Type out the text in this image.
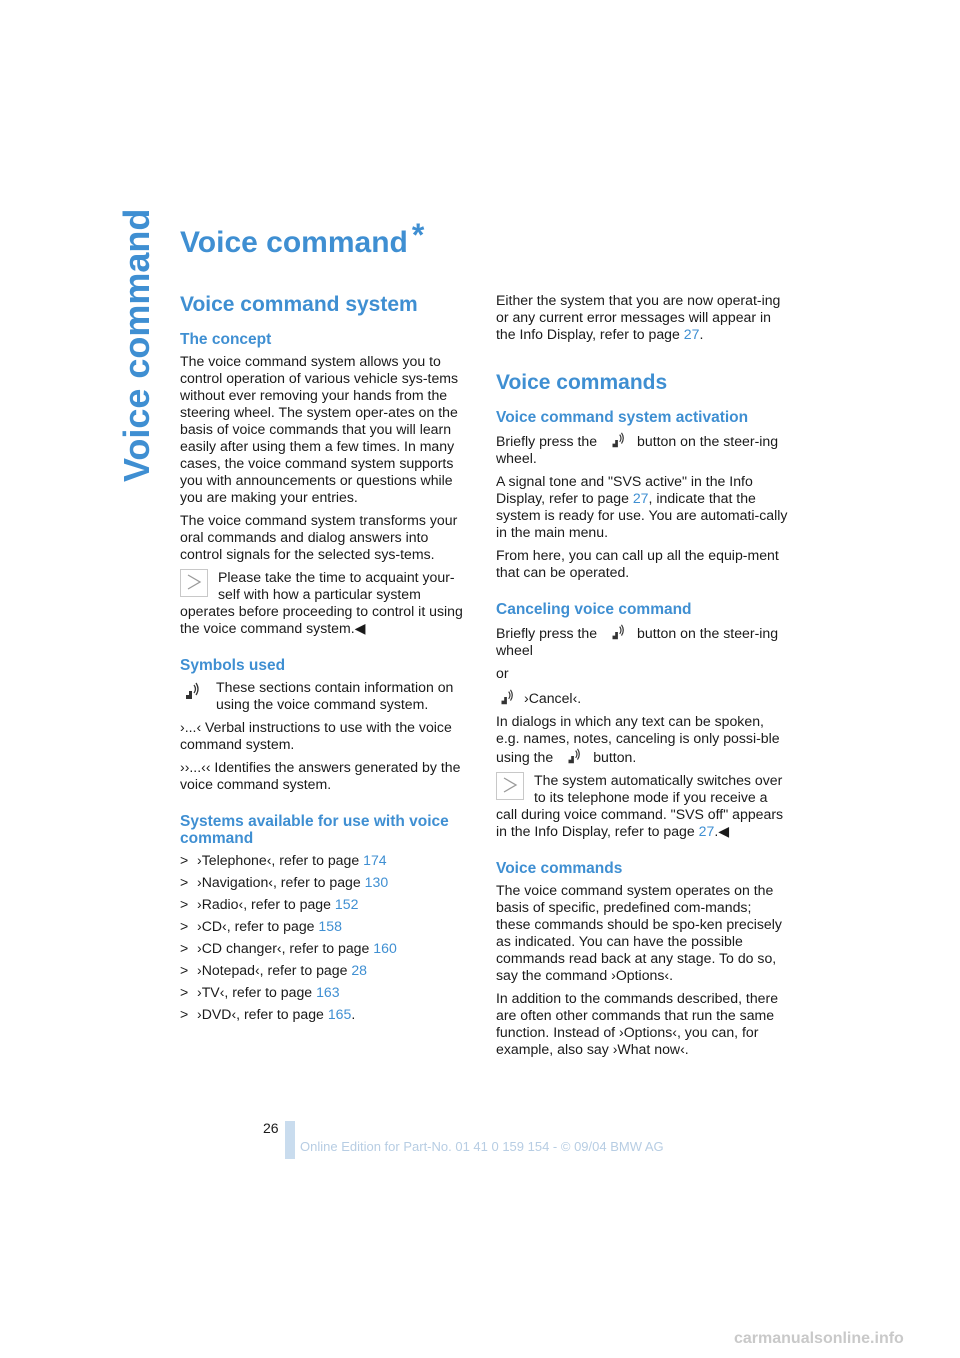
Voice command Voice command *
Voice command system
The concept

The voice command system allows you to control operation of various vehicle sys-tems without ever removing your hands from the steering wheel. The system oper-ates on the basis of voice commands that you will learn easily after using them a few times. In many cases, the voice command system supports you with announcements or questions while you are making your entries.

The voice command system transforms your oral commands and dialog answers into control signals for the selected sys-tems.

Please take the time to acquaint your-self with how a particular system operates before proceeding to control it using the voice command system.◀
Symbols used
These sections contain information on using the voice command system.

›...‹ Verbal instructions to use with the voice command system.

››...‹‹ Identifies the answers generated by the voice command system.

Systems available for use with voice command
> ›Telephone‹, refer to page 174
> ›Navigation‹, refer to page 130
> ›Radio‹, refer to page 152
> ›CD‹, refer to page 158
> ›CD changer‹, refer to page 160
> ›Notepad‹, refer to page 28
> ›TV‹, refer to page 163
> ›DVD‹, refer to page 165.

Either the system that you are now operat-ing or any current error messages will appear in the Info Display, refer to page 27.

Voice commands
Voice command system activation

Briefly press the	button on the steer-ing wheel.

A signal tone and "SVS active" in the Info Display, refer to page 27, indicate that the system is ready for use. You are automati-cally in the main menu.

From here, you can call up all the equip-ment that can be operated.

Canceling voice command

Briefly press the	button on the steer-ing wheel

or

›Cancel‹.

In dialogs in which any text can be spoken, e.g. names, notes, canceling is only possi-ble using the	button.

The system automatically switches over to its telephone mode if you receive a call during voice command. "SVS off" appears in the Info Display, refer to page 27.◀
Voice commands

The voice command system operates on the basis of specific, predefined com-mands; these commands should be spo-ken precisely as indicated. You can have the possible commands read back at any stage. To do so, say the command ›Options‹.

In addition to the commands described, there are often other commands that run the same function. Instead of ›Options‹, you can, for example, also say ›What now‹.

26
Online Edition for Part-No. 01 41 0 159 154 - © 09/04 BMW AG
carmanualsonline.info
